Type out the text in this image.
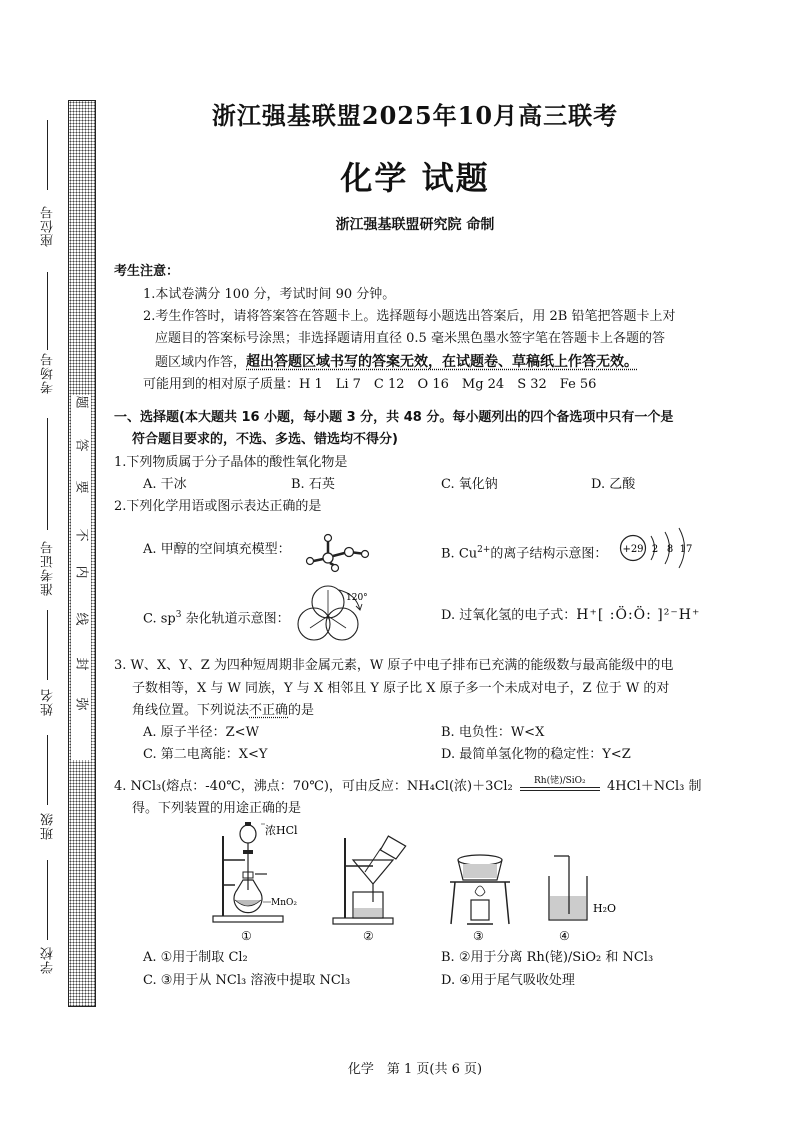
座位号
考场号
准考证号
姓名
班级
学校
题
答
要
不
内
线
封
弥
浙江强基联盟2025年10月高三联考
化学 试题
浙江强基联盟研究院 命制
考生注意：
1.本试卷满分 100 分，考试时间 90 分钟。
2.考生作答时，请将答案答在答题卡上。选择题每小题选出答案后，用 2B 铅笔把答题卡上对
应题目的答案标号涂黑；非选择题请用直径 0.5 毫米黑色墨水签字笔在答题卡上各题的答
题区域内作答，超出答题区域书写的答案无效，在试题卷、草稿纸上作答无效。
可能用到的相对原子质量：H 1　Li 7　C 12　O 16　Mg 24　S 32　Fe 56
一、选择题(本大题共 16 小题，每小题 3 分，共 48 分。每小题列出的四个备选项中只有一个是
符合题目要求的，不选、多选、错选均不得分)
1.下列物质属于分子晶体的酸性氧化物是
A. 干冰	B. 石英	C. 氧化钠	D. 乙酸
2.下列化学用语或图示表达正确的是
A. 甲醇的空间填充模型：	B. $Cu^{2+}$的离子结构示意图： +29 2 8 17
C. $sp^3$ 杂化轨道示意图：
120°
D. 过氧化氢的电子式：H⁺[ :Ö:Ö: ]²⁻H⁺
3. W、X、Y、Z 为四种短周期非金属元素，W 原子中电子排布已充满的能级数与最高能级中的电
子数相等，X 与 W 同族，Y 与 X 相邻且 Y 原子比 X 原子多一个未成对电子，Z 位于 W 的对
角线位置。下列说法不正确的是
A. 原子半径：Z<W	B. 电负性：W<X
C. 第二电离能：X<Y	D. 最简单氢化物的稳定性：Y<Z
4. NCl₃(熔点：-40℃，沸点：70℃)，可由反应：NH₄Cl(浓)＋3Cl₂	Rh(铑)/SiO₂	4HCl＋NCl₃ 制
得。下列装置的用途正确的是
浓HCl
MnO₂
①	②	③
H₂O
④
A. ①用于制取 Cl₂	B. ②用于分离 Rh(铑)/SiO₂ 和 NCl₃
C. ③用于从 NCl₃ 溶液中提取 NCl₃	D. ④用于尾气吸收处理
化学　第 1 页(共 6 页)
